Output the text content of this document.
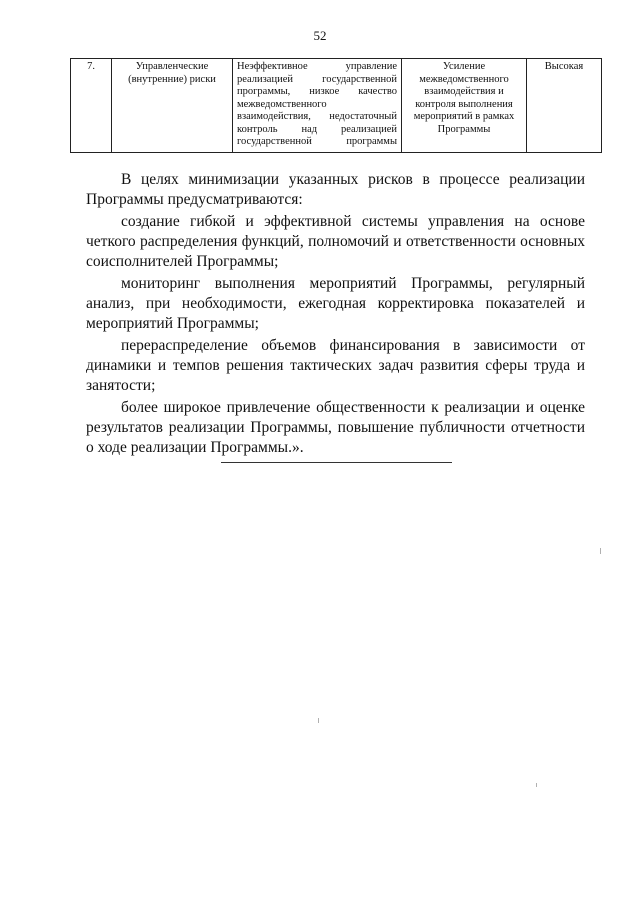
52
7.	Управленческие (внутренние) риски	Неэффективное управление реализацией государственной программы, низкое качество межведомственного взаимодействия, недостаточный контроль над реализацией государственной программы	Усиление межведомственного взаимодействия и контроля выполнения мероприятий в рамках Программы	Высокая

В целях минимизации указанных рисков в процессе реализации Программы предусматриваются:

создание гибкой и эффективной системы управления на основе четкого распределения функций, полномочий и ответственности основных соисполнителей Программы;

мониторинг выполнения мероприятий Программы, регулярный анализ, при необходимости, ежегодная корректировка показателей и мероприятий Программы;

перераспределение объемов финансирования в зависимости от динамики и темпов решения тактических задач развития сферы труда и занятости;

более широкое привлечение общественности к реализации и оценке результатов реализации Программы, повышение публичности отчетности о ходе реализации Программы.».
